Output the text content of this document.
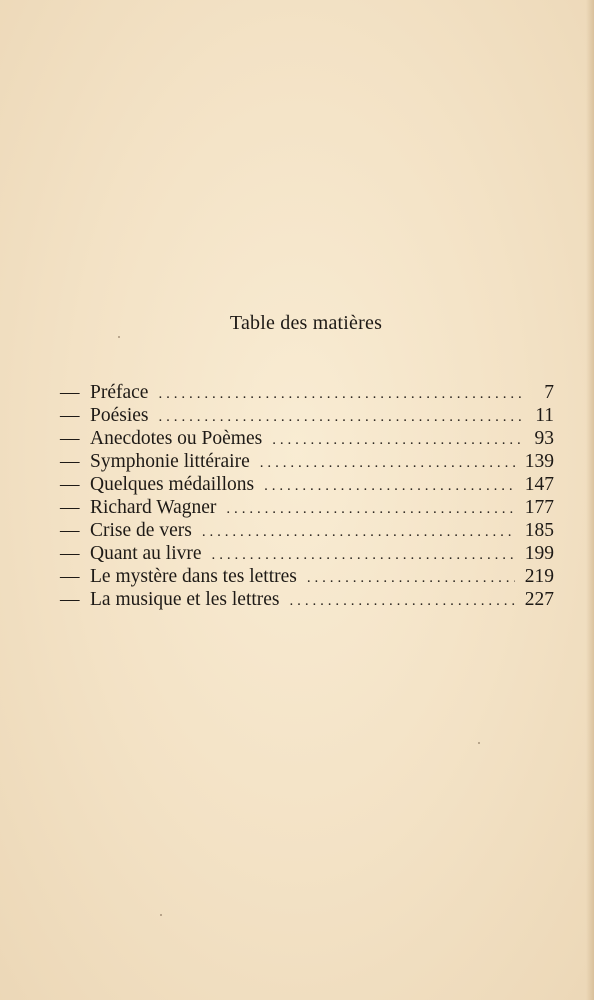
Table des matières
— Préface .....	7
— Poésies .....	11
— Anecdotes ou Poèmes .....	93
— Symphonie littéraire .....	139
— Quelques médaillons .....	147
— Richard Wagner .....	177
— Crise de vers .....	185
— Quant au livre .....	199
— Le mystère dans tes lettres .....	219
— La musique et les lettres .....	227
